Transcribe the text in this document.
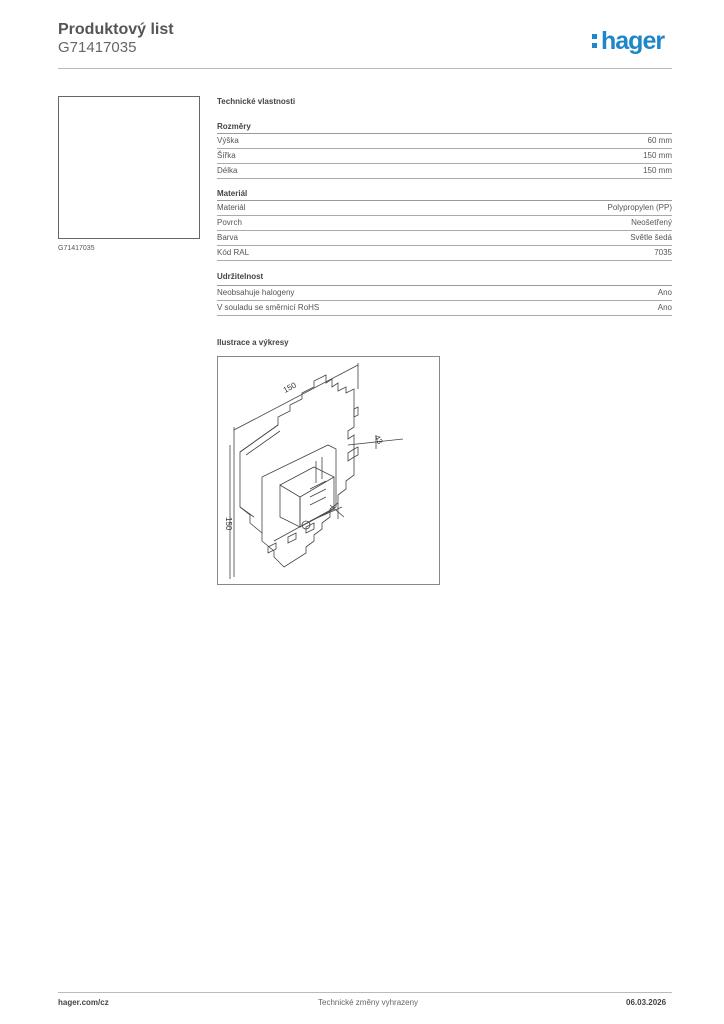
Produktový list
G71417035	hager
G71417035
Technické vlastnosti
Rozměry
Výška	60 mm
Šířka	150 mm
Délka	150 mm
Materiál
Materiál	Polypropylen (PP)
Povrch	Neošetřený
Barva	Světle šedá
Kód RAL	7035
Udržitelnost
Neobsahuje halogeny	Ano
V souladu se směrnicí RoHS	Ano
Ilustrace a výkresy
150
150
43
hager.com/cz	Technické změny vyhrazeny	06.03.2026
